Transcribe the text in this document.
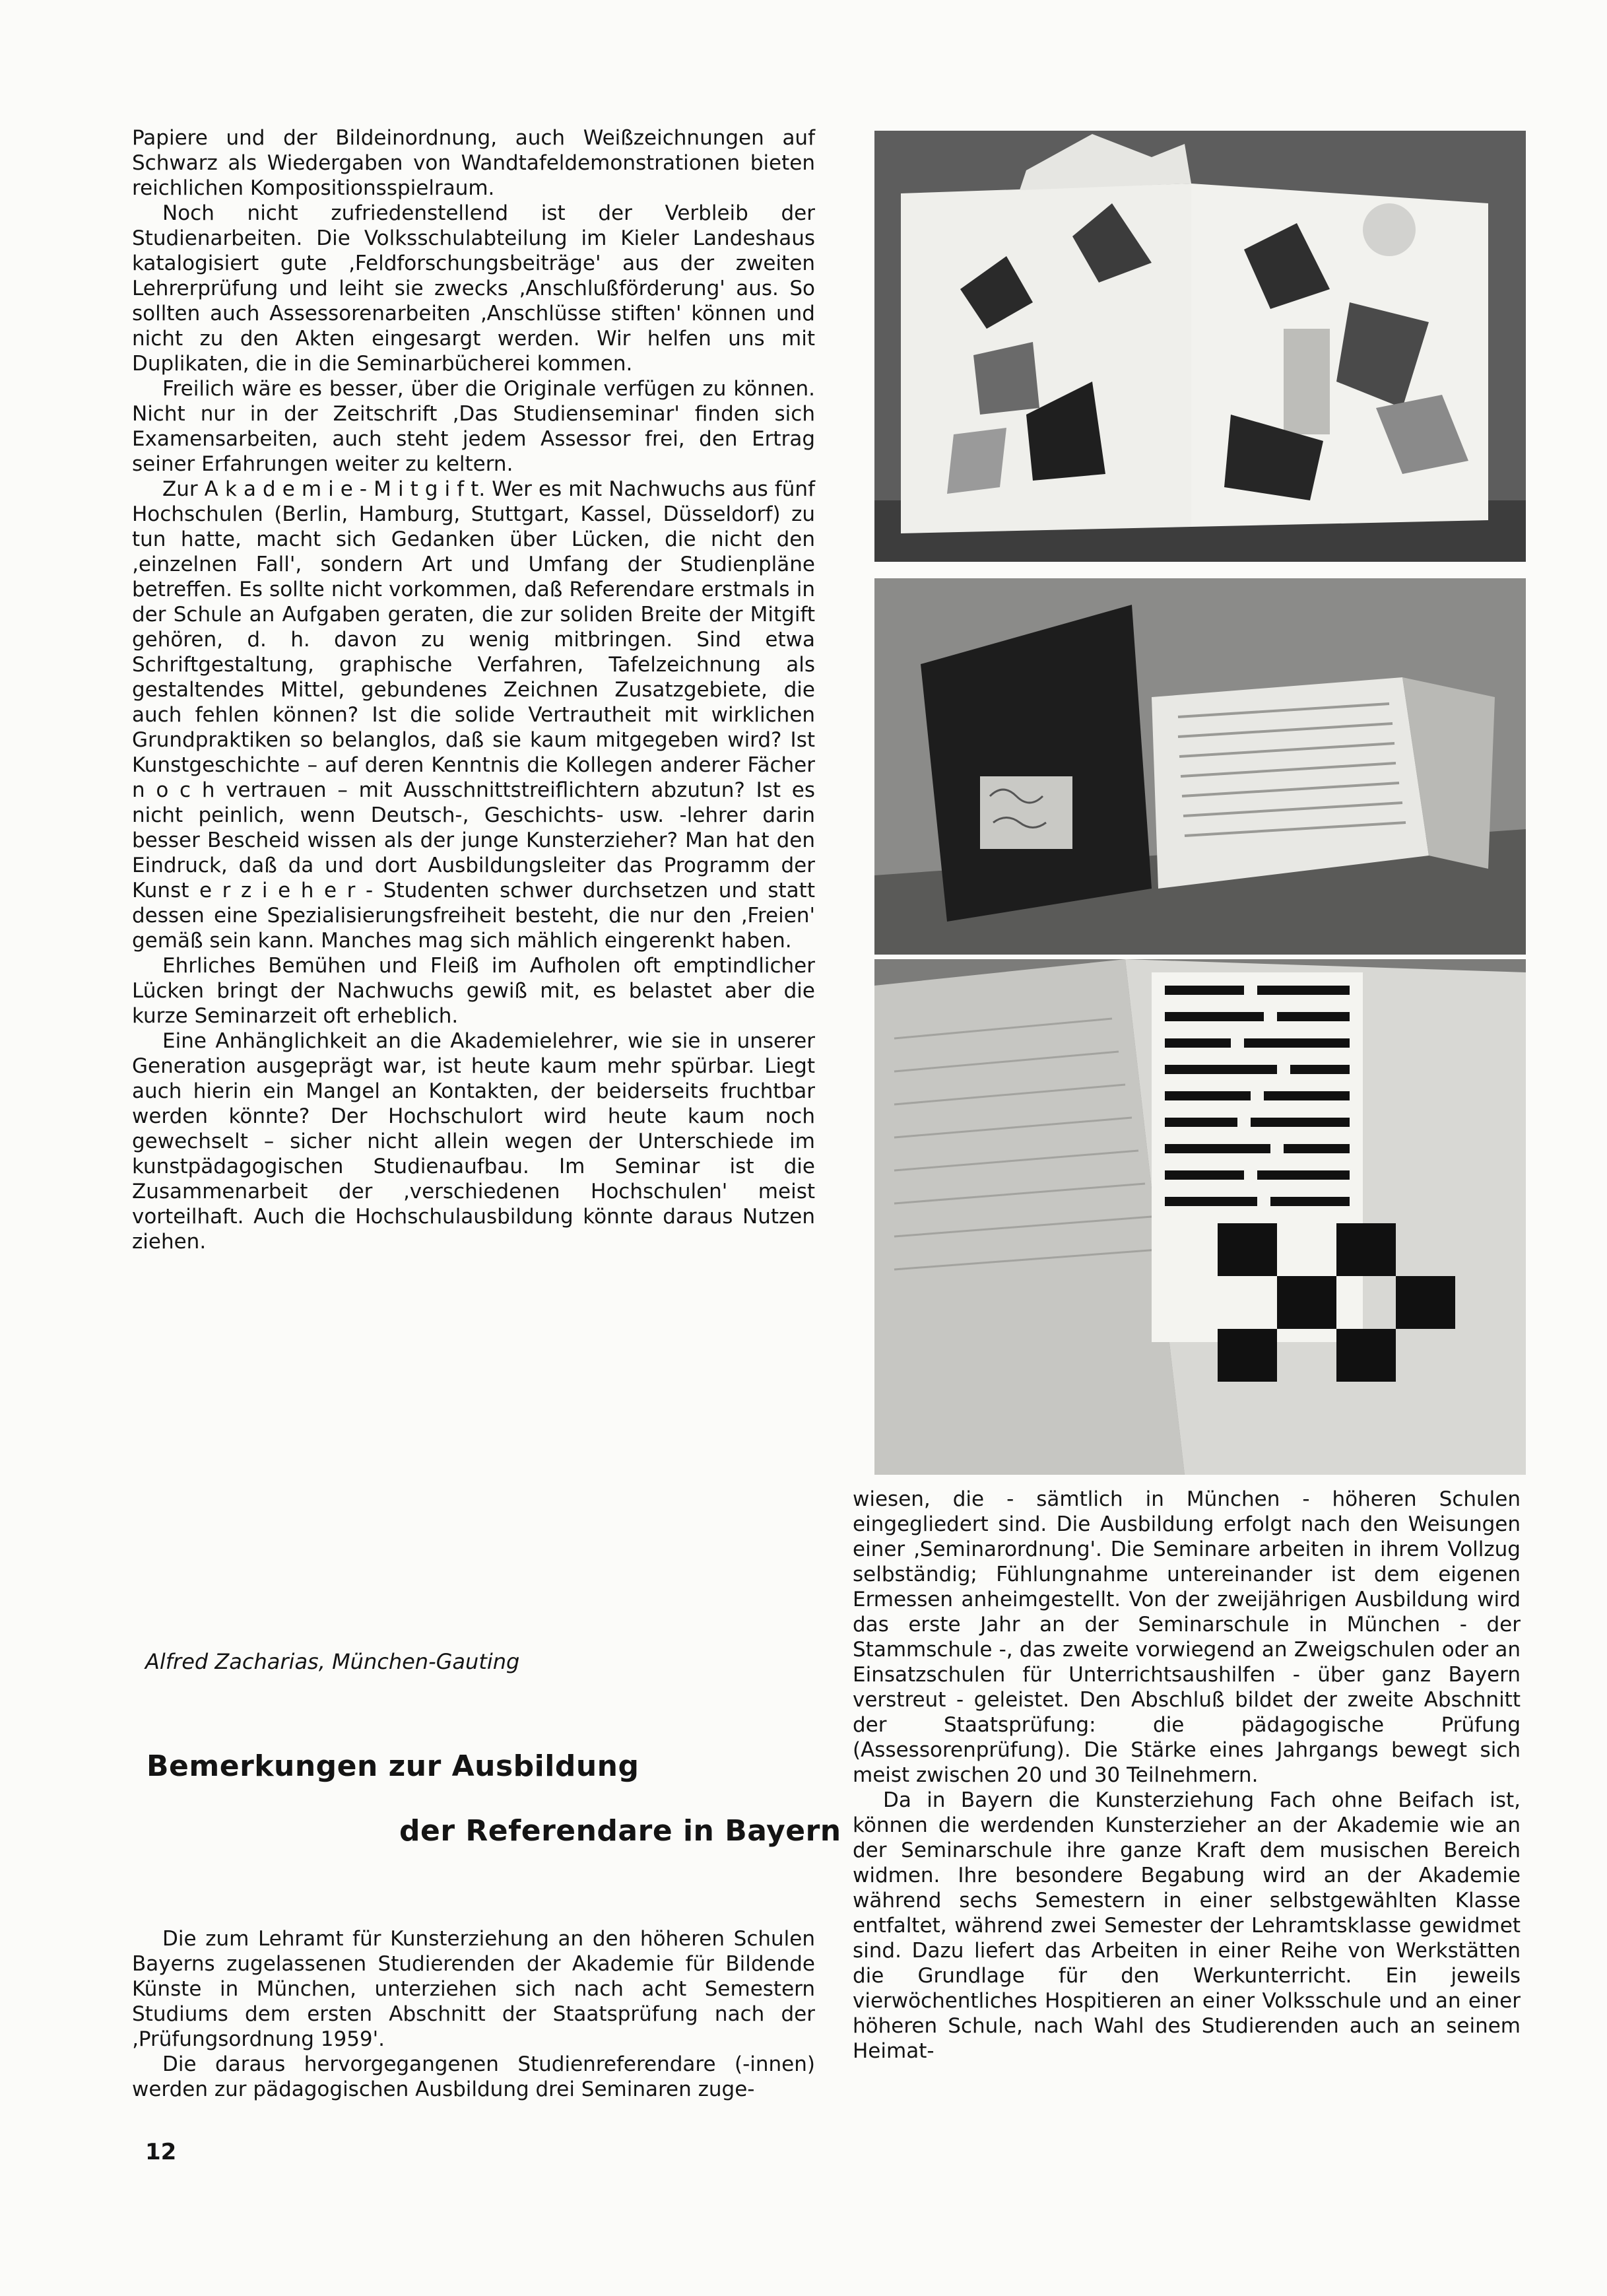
Papiere und der Bildeinordnung, auch Weißzeichnungen auf Schwarz als Wiedergaben von Wandtafeldemonstrationen bieten reichlichen Kompositionsspielraum.

Noch nicht zufriedenstellend ist der Verbleib der Studienarbeiten. Die Volksschulabteilung im Kieler Landeshaus katalogisiert gute ‚Feldforschungsbeiträge' aus der zweiten Lehrerprüfung und leiht sie zwecks ‚Anschlußförderung' aus. So sollten auch Assessorenarbeiten ‚Anschlüsse stiften' können und nicht zu den Akten eingesargt werden. Wir helfen uns mit Duplikaten, die in die Seminarbücherei kommen.

Freilich wäre es besser, über die Originale verfügen zu können. Nicht nur in der Zeitschrift ‚Das Studienseminar' finden sich Examensarbeiten, auch steht jedem Assessor frei, den Ertrag seiner Erfahrungen weiter zu keltern.

Zur A k a d e m i e - M i t g i f t. Wer es mit Nachwuchs aus fünf Hochschulen (Berlin, Hamburg, Stuttgart, Kassel, Düsseldorf) zu tun hatte, macht sich Gedanken über Lücken, die nicht den ‚einzelnen Fall', sondern Art und Umfang der Studienpläne betreffen. Es sollte nicht vorkommen, daß Referendare erstmals in der Schule an Aufgaben geraten, die zur soliden Breite der Mitgift gehören, d. h. davon zu wenig mitbringen. Sind etwa Schriftgestaltung, graphische Verfahren, Tafelzeichnung als gestaltendes Mittel, gebundenes Zeichnen Zusatzgebiete, die auch fehlen können? Ist die solide Vertrautheit mit wirklichen Grundpraktiken so belanglos, daß sie kaum mitgegeben wird? Ist Kunstgeschichte – auf deren Kenntnis die Kollegen anderer Fächer n o c h vertrauen – mit Ausschnittstreiflichtern abzutun? Ist es nicht peinlich, wenn Deutsch-, Geschichts- usw. -lehrer darin besser Bescheid wissen als der junge Kunsterzieher? Man hat den Eindruck, daß da und dort Ausbildungsleiter das Programm der Kunst e r z i e h e r - Studenten schwer durchsetzen und statt dessen eine Spezialisierungsfreiheit besteht, die nur den ‚Freien' gemäß sein kann. Manches mag sich mählich eingerenkt haben.

Ehrliches Bemühen und Fleiß im Aufholen oft emptindlicher Lücken bringt der Nachwuchs gewiß mit, es belastet aber die kurze Seminarzeit oft erheblich.

Eine Anhänglichkeit an die Akademielehrer, wie sie in unserer Generation ausgeprägt war, ist heute kaum mehr spürbar. Liegt auch hierin ein Mangel an Kontakten, der beiderseits fruchtbar werden könnte? Der Hochschulort wird heute kaum noch gewechselt – sicher nicht allein wegen der Unterschiede im kunstpädagogischen Studienaufbau. Im Seminar ist die Zusammenarbeit der ‚verschiedenen Hochschulen' meist vorteilhaft. Auch die Hochschulausbildung könnte daraus Nutzen ziehen.

wiesen, die - sämtlich in München - höheren Schulen eingegliedert sind. Die Ausbildung erfolgt nach den Weisungen einer ‚Seminarordnung'. Die Seminare arbeiten in ihrem Vollzug selbständig; Fühlungnahme untereinander ist dem eigenen Ermessen anheimgestellt. Von der zweijährigen Ausbildung wird das erste Jahr an der Seminarschule in München - der Stammschule -, das zweite vorwiegend an Zweigschulen oder an Einsatzschulen für Unterrichtsaushilfen - über ganz Bayern verstreut - geleistet. Den Abschluß bildet der zweite Abschnitt der Staatsprüfung: die pädagogische Prüfung (Assessorenprüfung). Die Stärke eines Jahrgangs bewegt sich meist zwischen 20 und 30 Teilnehmern.

Da in Bayern die Kunsterziehung Fach ohne Beifach ist, können die werdenden Kunsterzieher an der Akademie wie an der Seminarschule ihre ganze Kraft dem musischen Bereich widmen. Ihre besondere Begabung wird an der Akademie während sechs Semestern in einer selbstgewählten Klasse entfaltet, während zwei Semester der Lehramtsklasse gewidmet sind. Dazu liefert das Arbeiten in einer Reihe von Werkstätten die Grundlage für den Werkunterricht. Ein jeweils vierwöchentliches Hospitieren an einer Volksschule und an einer höheren Schule, nach Wahl des Studierenden auch an seinem Heimat-

Alfred Zacharias, München-Gauting
Bemerkungen zur Ausbildung
der Referendare in Bayern

Die zum Lehramt für Kunsterziehung an den höheren Schulen Bayerns zugelassenen Studierenden der Akademie für Bildende Künste in München, unterziehen sich nach acht Semestern Studiums dem ersten Abschnitt der Staatsprüfung nach der ‚Prüfungsordnung 1959'.

Die daraus hervorgegangenen Studienreferendare (-innen) werden zur pädagogischen Ausbildung drei Seminaren zuge-

12
